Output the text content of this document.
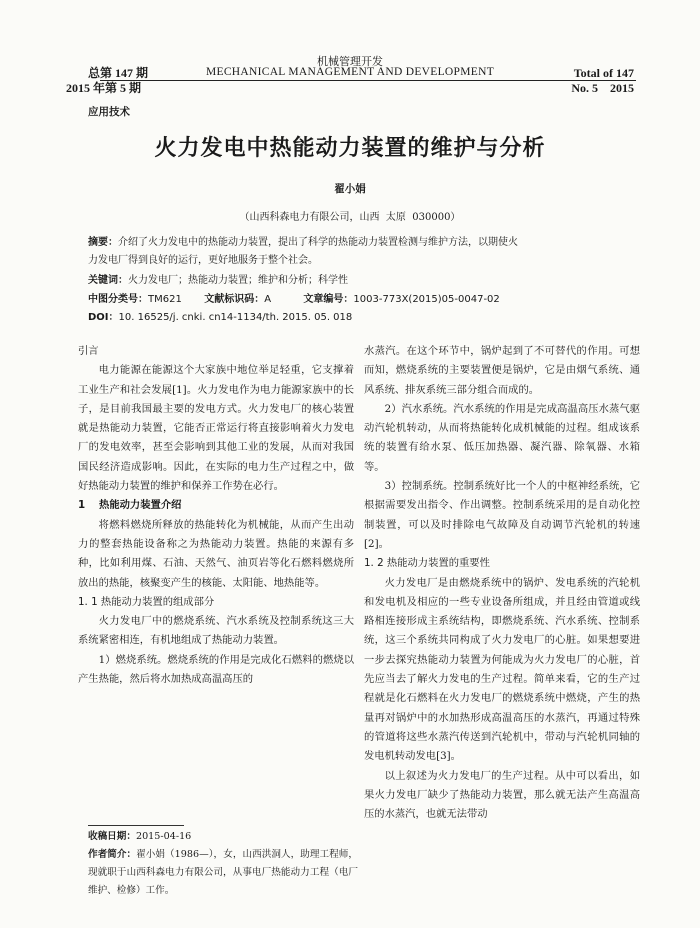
总第 147 期
2015 年第 5 期
应用技术
机械管理开发
MECHANICAL MANAGEMENT AND DEVELOPMENT	Total of 147
No. 5    2015
火力发电中热能动力装置的维护与分析
翟小娟
（山西科森电力有限公司，山西  太原  030000）
摘要：介绍了火力发电中的热能动力装置，提出了科学的热能动力装置检测与维护方法，以期使火
力发电厂得到良好的运行，更好地服务于整个社会。
关键词：火力发电厂；热能动力装置；维护和分析；科学性
中图分类号：TM621 文献标识码：A	文章编号：1003-773X(2015)05-0047-02
DOI：10. 16525/j. cnki. cn14-1134/th. 2015. 05. 018

引言

电力能源在能源这个大家族中地位举足轻重，它支撑着工业生产和社会发展[1]。火力发电作为电力能源家族中的长子，是目前我国最主要的发电方式。火力发电厂的核心装置就是热能动力装置，它能否正常运行将直接影响着火力发电厂的发电效率，甚至会影响到其他工业的发展，从而对我国国民经济造成影响。因此，在实际的电力生产过程之中，做好热能动力装置的维护和保养工作势在必行。

1　 热能动力装置介绍

将燃料燃烧所释放的热能转化为机械能，从而产生出动力的整套热能设备称之为热能动力装置。热能的来源有多种，比如利用煤、石油、天然气、油页岩等化石燃料燃烧所放出的热能，核聚变产生的核能、太阳能、地热能等。

1. 1 热能动力装置的组成部分

火力发电厂中的燃烧系统、汽水系统及控制系统这三大系统紧密相连，有机地组成了热能动力装置。

1）燃烧系统。燃烧系统的作用是完成化石燃料的燃烧以产生热能，然后将水加热成高温高压的

收稿日期：2015-04-16
作者简介：翟小娟（1986—），女，山西洪洞人，助理工程师，现就职于山西科森电力有限公司，从事电厂热能动力工程（电厂维护、检修）工作。

水蒸汽。在这个环节中，锅炉起到了不可替代的作用。可想而知，燃烧系统的主要装置便是锅炉，它是由烟气系统、通风系统、排灰系统三部分组合而成的。

2）汽水系统。汽水系统的作用是完成高温高压水蒸气驱动汽轮机转动，从而将热能转化成机械能的过程。组成该系统的装置有给水泵、低压加热器、凝汽器、除氧器、水箱等。

3）控制系统。控制系统好比一个人的中枢神经系统，它根据需要发出指令、作出调整。控制系统采用的是自动化控制装置，可以及时排除电气故障及自动调节汽轮机的转速[2]。

1. 2 热能动力装置的重要性

火力发电厂是由燃烧系统中的锅炉、发电系统的汽轮机和发电机及相应的一些专业设备所组成，并且经由管道或线路相连接形成主系统结构，即燃烧系统、汽水系统、控制系统，这三个系统共同构成了火力发电厂的心脏。如果想要进一步去探究热能动力装置为何能成为火力发电厂的心脏，首先应当去了解火力发电的生产过程。简单来看，它的生产过程就是化石燃料在火力发电厂的燃烧系统中燃烧，产生的热量再对锅炉中的水加热形成高温高压的水蒸汽，再通过特殊的管道将这些水蒸汽传送到汽轮机中，带动与汽轮机同轴的发电机转动发电[3]。

以上叙述为火力发电厂的生产过程。从中可以看出，如果火力发电厂缺少了热能动力装置，那么就无法产生高温高压的水蒸汽，也就无法带动
